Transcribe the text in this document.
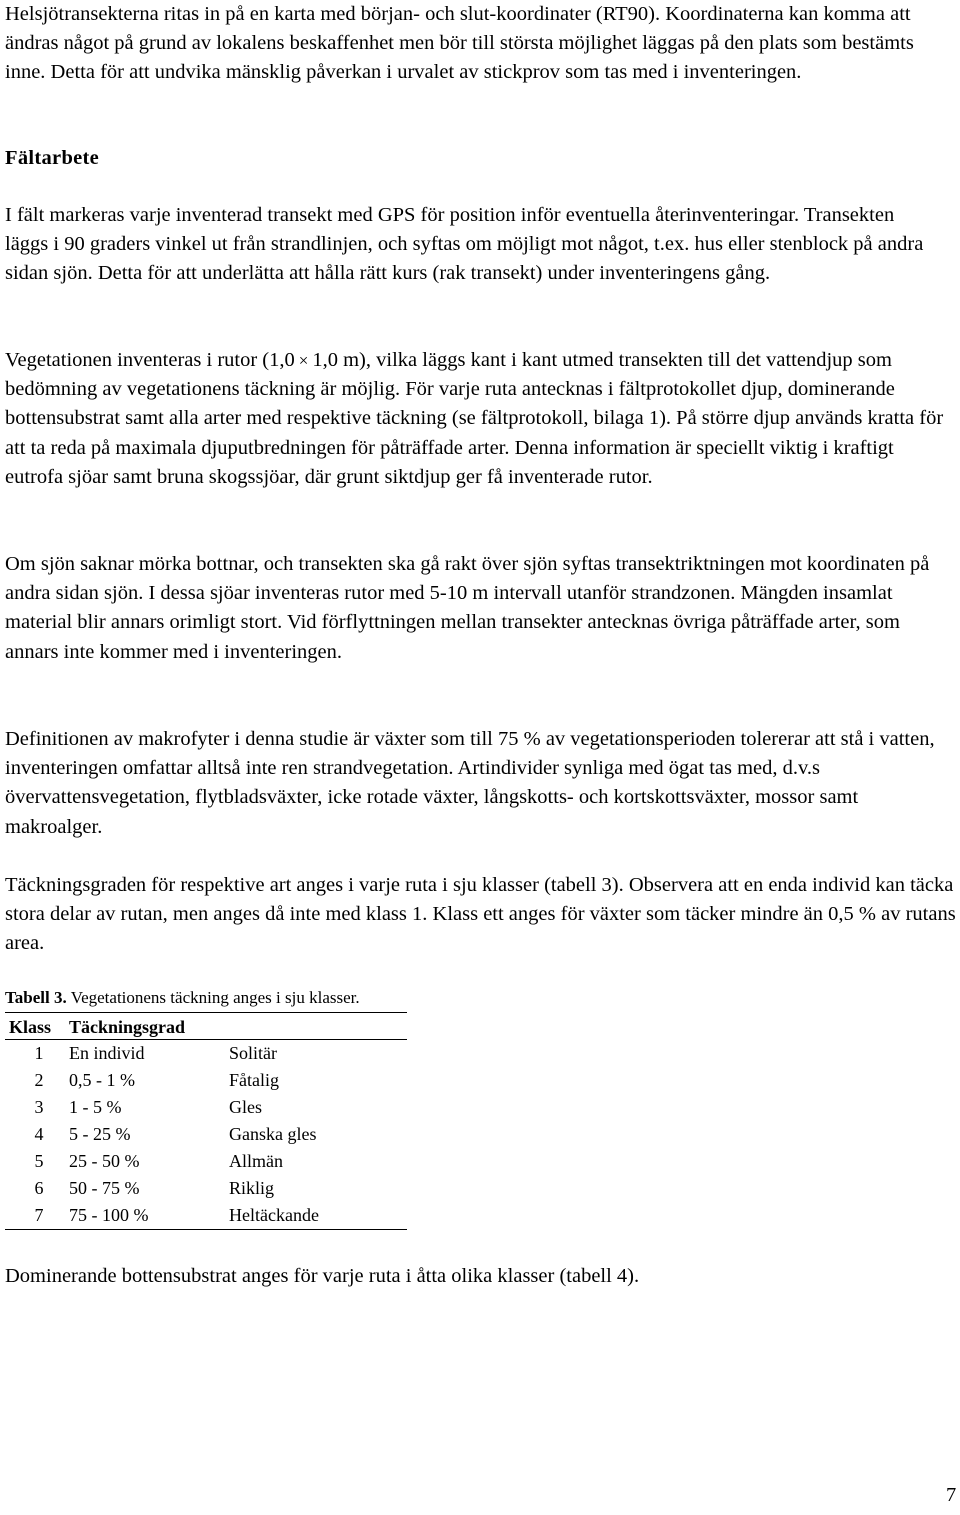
Helsjötransekterna ritas in på en karta med början- och slut-koordinater (RT90). Koordinaterna kan komma att ändras något på grund av lokalens beskaffenhet men bör till största möjlighet läggas på den plats som bestämts inne. Detta för att undvika mänsklig påverkan i urvalet av stickprov som tas med i inventeringen.

Fältarbete

I fält markeras varje inventerad transekt med GPS för position inför eventuella återinventeringar. Transekten läggs i 90 graders vinkel ut från strandlinjen, och syftas om möjligt mot något, t.ex. hus eller stenblock på andra sidan sjön. Detta för att underlätta att hålla rätt kurs (rak transekt) under inventeringens gång.

Vegetationen inventeras i rutor (1,0 × 1,0 m), vilka läggs kant i kant utmed transekten till det vattendjup som bedömning av vegetationens täckning är möjlig. För varje ruta antecknas i fältprotokollet djup, dominerande bottensubstrat samt alla arter med respektive täckning (se fältprotokoll, bilaga 1). På större djup används kratta för att ta reda på maximala djuputbredningen för påträffade arter. Denna information är speciellt viktig i kraftigt eutrofa sjöar samt bruna skogssjöar, där grunt siktdjup ger få inventerade rutor.

Om sjön saknar mörka bottnar, och transekten ska gå rakt över sjön syftas transektriktningen mot koordinaten på andra sidan sjön. I dessa sjöar inventeras rutor med 5-10 m intervall utanför strandzonen. Mängden insamlat material blir annars orimligt stort. Vid förflyttningen mellan transekter antecknas övriga påträffade arter, som annars inte kommer med i inventeringen.

Definitionen av makrofyter i denna studie är växter som till 75 % av vegetationsperioden tolererar att stå i vatten, inventeringen omfattar alltså inte ren strandvegetation. Artindivider synliga med ögat tas med, d.v.s övervattensvegetation, flytbladsväxter, icke rotade växter, långskotts- och kortskottsväxter, mossor samt makroalger.

Täckningsgraden för respektive art anges i varje ruta i sju klasser (tabell 3). Observera att en enda individ kan täcka stora delar av rutan, men anges då inte med klass 1. Klass ett anges för växter som täcker mindre än 0,5 % av rutans area.

Tabell 3. Vegetationens täckning anges i sju klasser.
Klass	Täckningsgrad	
1	En individ	Solitär
2	0,5 - 1 %	Fåtalig
3	1 - 5 %	Gles
4	5 - 25 %	Ganska gles
5	25 - 50 %	Allmän
6	50 - 75 %	Riklig
7	75 - 100 %	Heltäckande

Dominerande bottensubstrat anges för varje ruta i åtta olika klasser (tabell 4).

7
